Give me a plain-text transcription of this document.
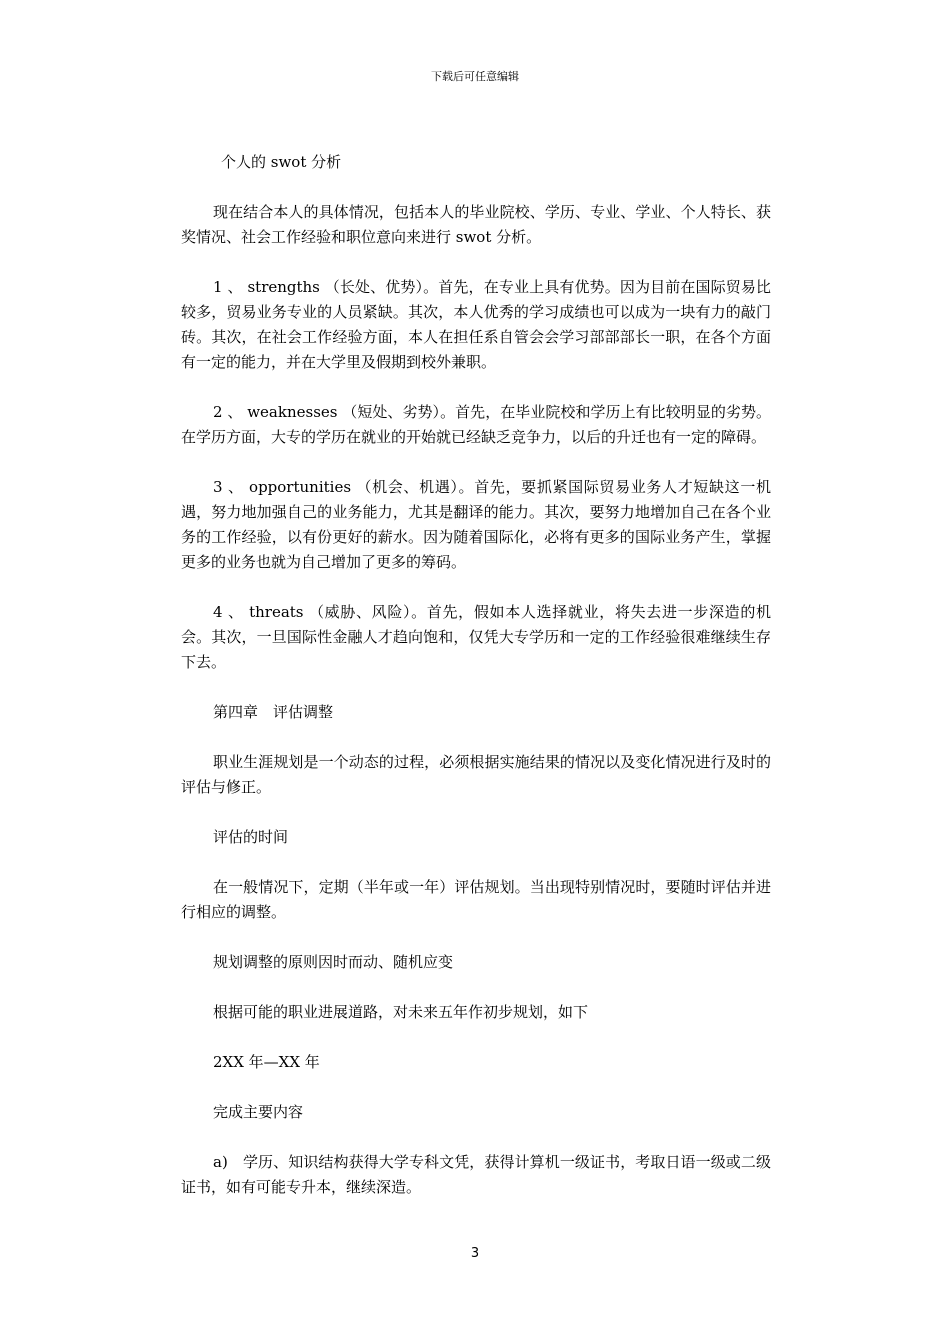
下载后可任意编辑

个人的 swot 分析

现在结合本人的具体情况，包括本人的毕业院校、学历、专业、学业、个人特长、获奖情况、社会工作经验和职位意向来进行 swot 分析。

1 、 strengths （长处、优势）。首先，在专业上具有优势。因为目前在国际贸易比较多，贸易业务专业的人员紧缺。其次，本人优秀的学习成绩也可以成为一块有力的敲门砖。其次，在社会工作经验方面，本人在担任系自管会会学习部部部长一职，在各个方面有一定的能力，并在大学里及假期到校外兼职。

2 、 weaknesses （短处、劣势）。首先，在毕业院校和学历上有比较明显的劣势。在学历方面，大专的学历在就业的开始就已经缺乏竞争力，以后的升迁也有一定的障碍。

3 、 opportunities （机会、机遇）。首先，要抓紧国际贸易业务人才短缺这一机遇，努力地加强自己的业务能力，尤其是翻译的能力。其次，要努力地增加自己在各个业务的工作经验，以有份更好的薪水。因为随着国际化，必将有更多的国际业务产生，掌握更多的业务也就为自己增加了更多的筹码。

4 、 threats （威胁、风险）。首先，假如本人选择就业，将失去进一步深造的机会。其次，一旦国际性金融人才趋向饱和，仅凭大专学历和一定的工作经验很难继续生存下去。

第四章　评估调整

职业生涯规划是一个动态的过程，必须根据实施结果的情况以及变化情况进行及时的评估与修正。

评估的时间

在一般情况下，定期（半年或一年）评估规划。当出现特别情况时，要随时评估并进行相应的调整。

规划调整的原则因时而动、随机应变

根据可能的职业进展道路，对未来五年作初步规划，如下

2XX 年—XX 年

完成主要内容

a)　学历、知识结构获得大学专科文凭，获得计算机一级证书，考取日语一级或二级证书，如有可能专升本，继续深造。

3
